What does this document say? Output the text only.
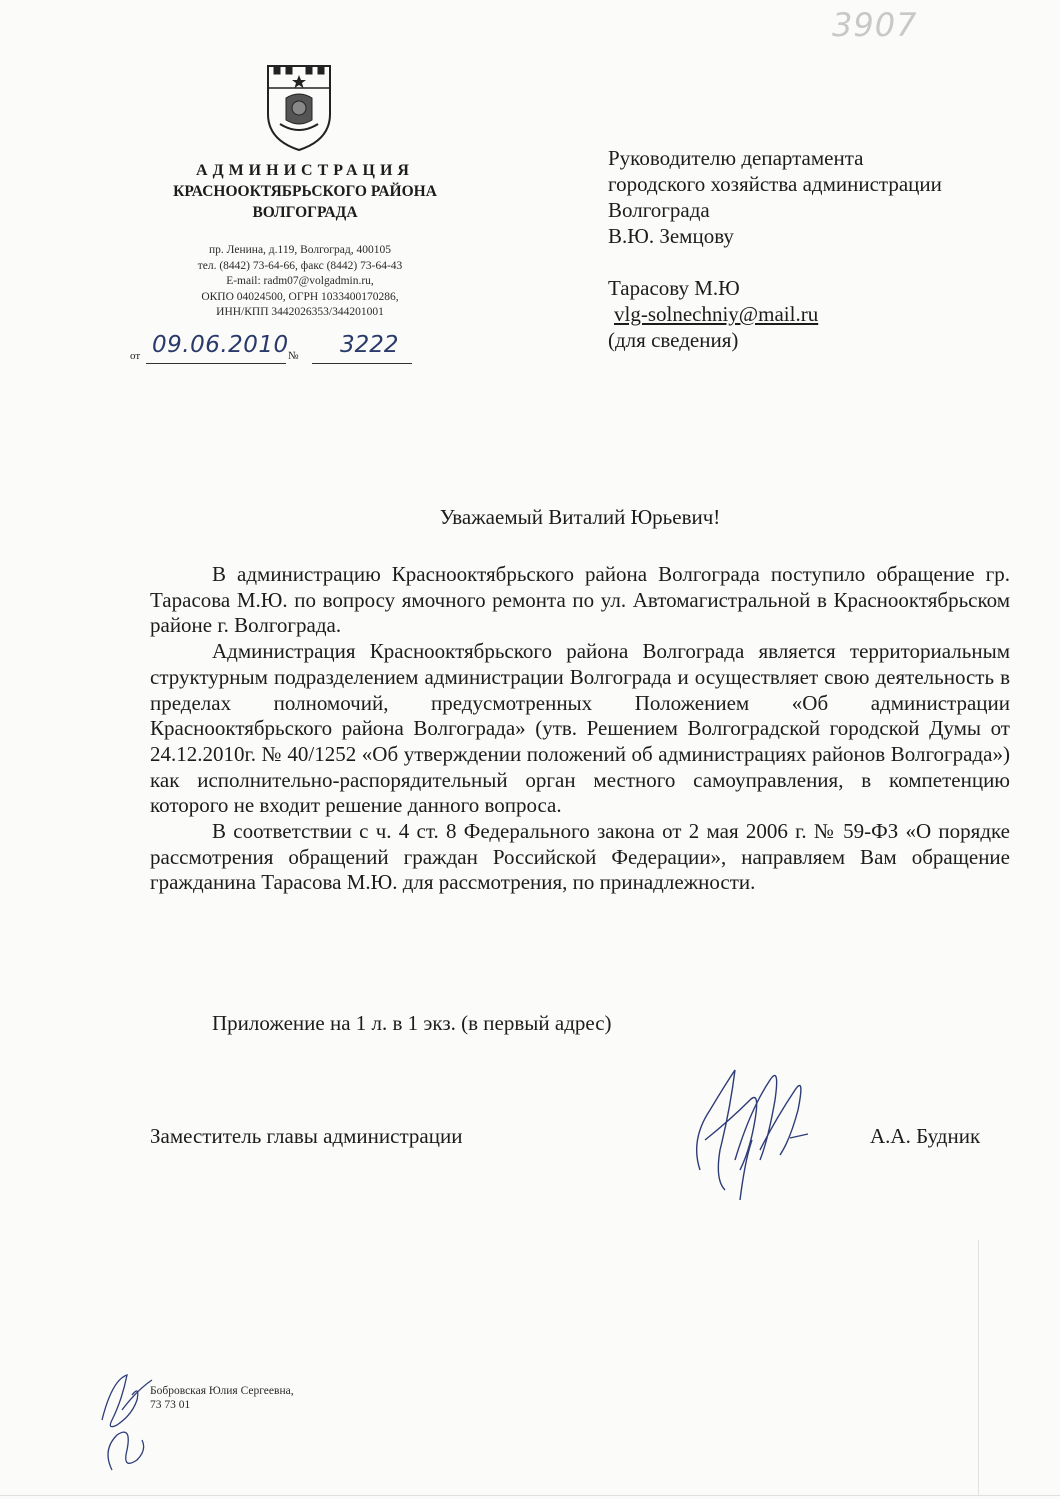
3907
АДМИНИСТРАЦИЯ
КРАСНООКТЯБРЬСКОГО РАЙОНА
ВОЛГОГРАДА
пр. Ленина, д.119, Волгоград, 400105
тел. (8442) 73-64-66, факс (8442) 73-64-43
E-mail: radm07@volgadmin.ru,
ОКПО 04024500, ОГРН 1033400170286,
ИНН/КПП 3442026353/344201001
от 09.06.2010 № 3222
Руководителю департамента
городского хозяйства администрации
Волгограда
В.Ю. Земцову
Тарасову М.Ю
vlg-solnechniy@mail.ru
(для сведения)
Уважаемый Виталий Юрьевич!

В администрацию Краснооктябрьского района Волгограда поступило обращение гр. Тарасова М.Ю. по вопросу ямочного ремонта по ул. Автомагистральной в Краснооктябрьском районе г. Волгограда.

Администрация Краснооктябрьского района Волгограда является территориальным структурным подразделением администрации Волгограда и осуществляет свою деятельность в пределах полномочий, предусмотренных Положением «Об администрации Краснооктябрьского района Волгограда» (утв. Решением Волгоградской городской Думы от 24.12.2010г. № 40/1252 «Об утверждении положений об администрациях районов Волгограда») как исполнительно-распорядительный орган местного самоуправления, в компетенцию которого не входит решение данного вопроса.

В соответствии с ч. 4 ст. 8 Федерального закона от 2 мая 2006 г. № 59-ФЗ «О порядке рассмотрения обращений граждан Российской Федерации», направляем Вам обращение гражданина Тарасова М.Ю. для рассмотрения, по принадлежности.

Приложение на 1 л. в 1 экз. (в первый адрес)
Заместитель главы администрации	А.А. Будник
Бобровская Юлия Сергеевна,
73 73 01
